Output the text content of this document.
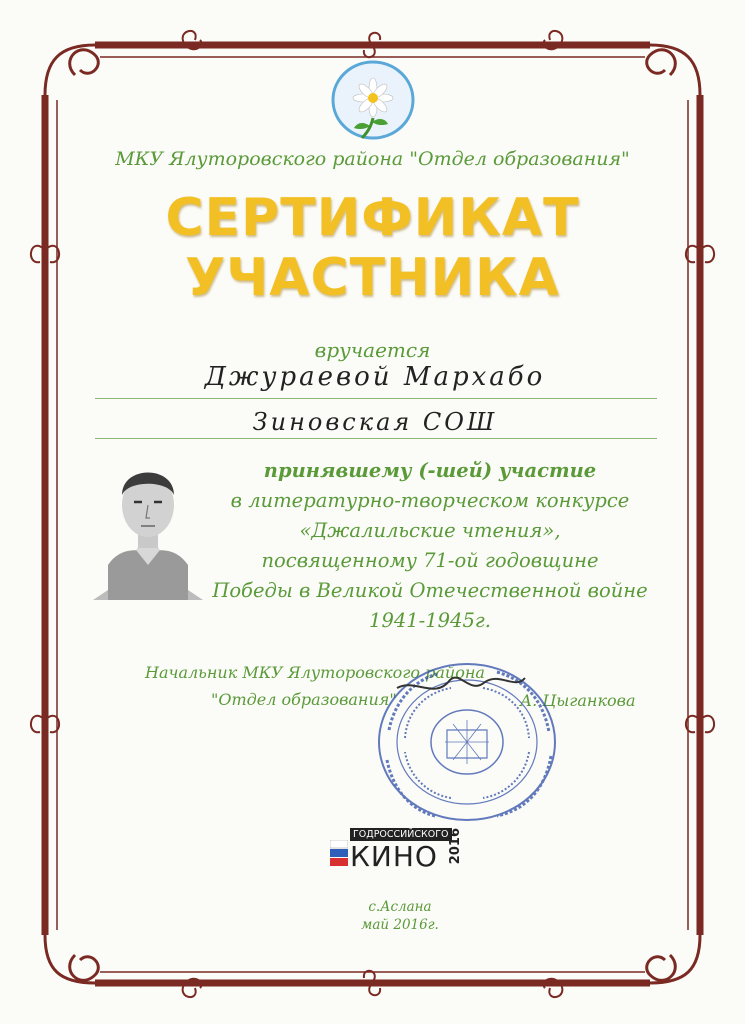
МКУ Ялуторовского района "Отдел образования"
СЕРТИФИКАТ
УЧАСТНИКА
вручается
Джураевой Мархабо
Зиновская СОШ
принявшему (-шей) участие
в литературно-творческом конкурсе
«Джалильские чтения»,
посвященному 71-ой годовщине
Победы в Великой Отечественной войне
1941-1945г.
Начальник МКУ Ялуторовского района
"Отдел образования"	А. Цыганкова
ГОДРОССИЙСКОГО
КИНО 2016
с.Аслана
май 2016г.
